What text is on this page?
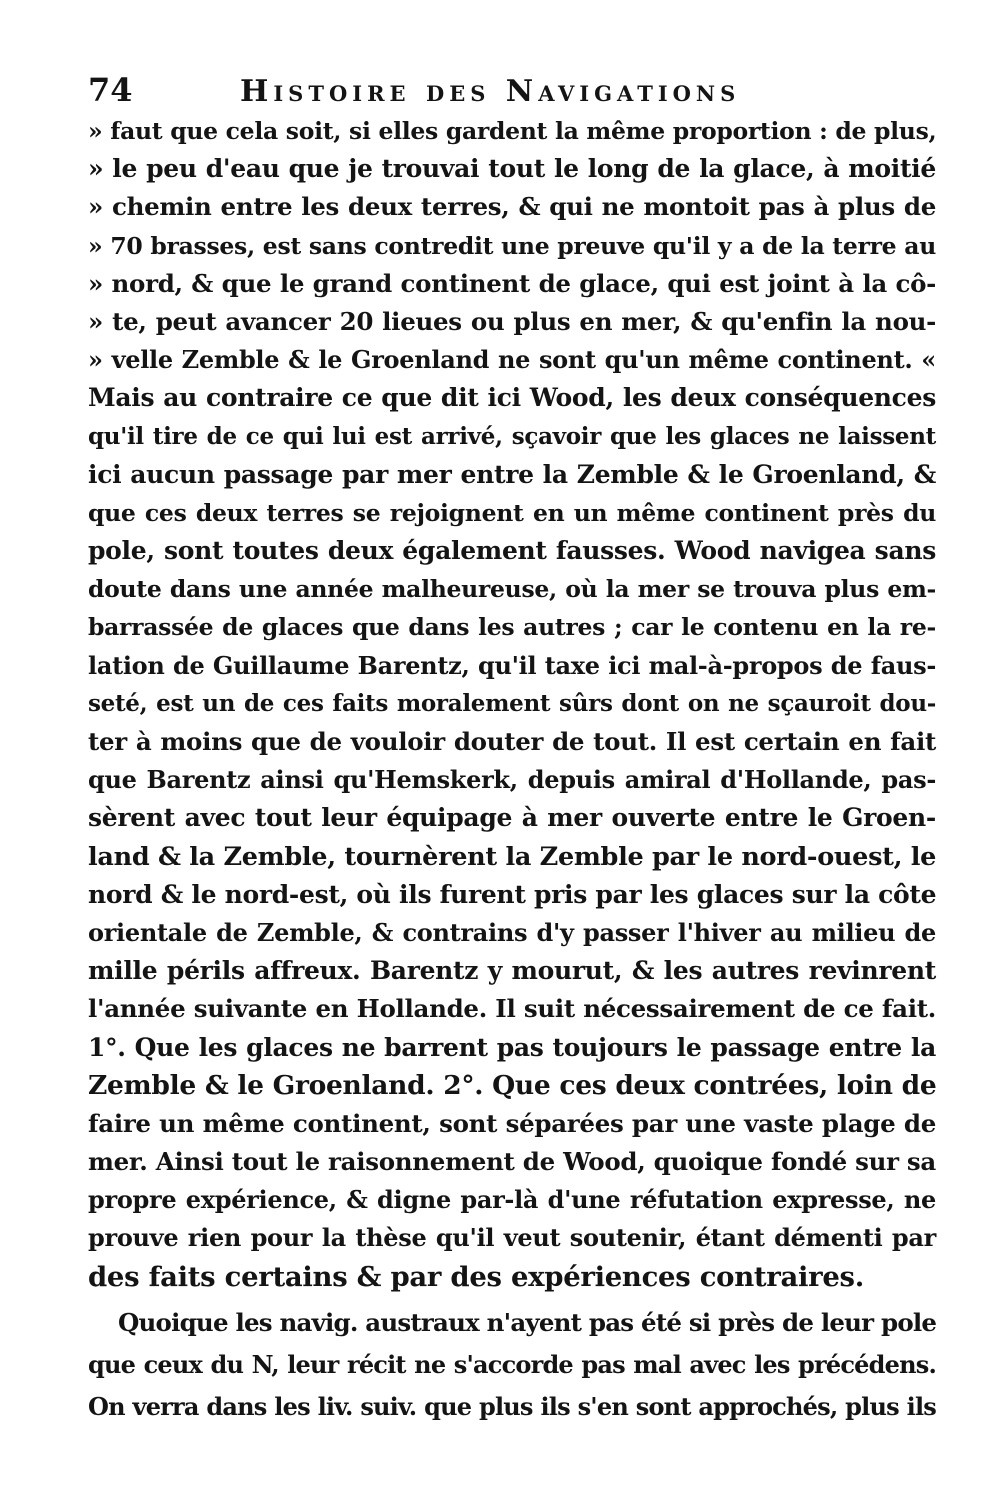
74	Histoire des Navigations
» faut que cela soit, si elles gardent la même proportion : de plus,
» le peu d'eau que je trouvai tout le long de la glace, à moitié
» chemin entre les deux terres, & qui ne montoit pas à plus de
» 70 brasses, est sans contredit une preuve qu'il y a de la terre au
» nord, & que le grand continent de glace, qui est joint à la cô-
» te, peut avancer 20 lieues ou plus en mer, & qu'enfin la nou-
» velle Zemble & le Groenland ne sont qu'un même continent. «
Mais au contraire ce que dit ici Wood, les deux conséquences
qu'il tire de ce qui lui est arrivé, sçavoir que les glaces ne laissent
ici aucun passage par mer entre la Zemble & le Groenland, &
que ces deux terres se rejoignent en un même continent près du
pole, sont toutes deux également fausses. Wood navigea sans
doute dans une année malheureuse, où la mer se trouva plus em-
barrassée de glaces que dans les autres ; car le contenu en la re-
lation de Guillaume Barentz, qu'il taxe ici mal-à-propos de faus-
seté, est un de ces faits moralement sûrs dont on ne sçauroit dou-
ter à moins que de vouloir douter de tout. Il est certain en fait
que Barentz ainsi qu'Hemskerk, depuis amiral d'Hollande, pas-
sèrent avec tout leur équipage à mer ouverte entre le Groen-
land & la Zemble, tournèrent la Zemble par le nord-ouest, le
nord & le nord-est, où ils furent pris par les glaces sur la côte
orientale de Zemble, & contrains d'y passer l'hiver au milieu de
mille périls affreux. Barentz y mourut, & les autres revinrent
l'année suivante en Hollande. Il suit nécessairement de ce fait.
1°. Que les glaces ne barrent pas toujours le passage entre la
Zemble & le Groenland. 2°. Que ces deux contrées, loin de
faire un même continent, sont séparées par une vaste plage de
mer. Ainsi tout le raisonnement de Wood, quoique fondé sur sa
propre expérience, & digne par-là d'une réfutation expresse, ne
prouve rien pour la thèse qu'il veut soutenir, étant démenti par
des faits certains & par des expériences contraires.
Quoique les navig. austraux n'ayent pas été si près de leur pole
que ceux du N, leur récit ne s'accorde pas mal avec les précédens.
On verra dans les liv. suiv. que plus ils s'en sont approchés, plus ils
